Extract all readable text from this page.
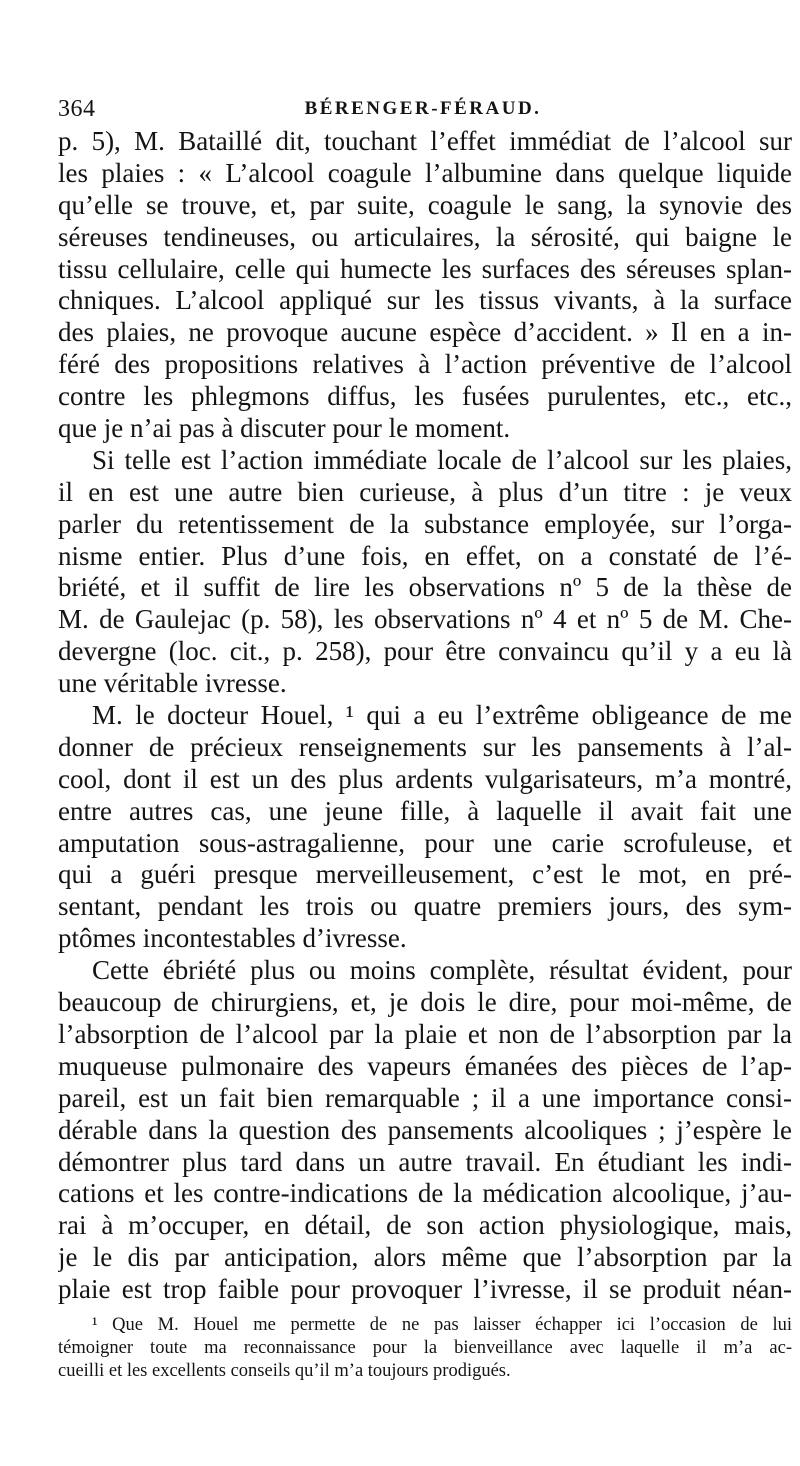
364	BÉRENGER-FÉRAUD.
p. 5), M. Bataillé dit, touchant l’effet immédiat de l’alcool sur
les plaies : « L’alcool coagule l’albumine dans quelque liquide
qu’elle se trouve, et, par suite, coagule le sang, la synovie des
séreuses tendineuses, ou articulaires, la sérosité, qui baigne le
tissu cellulaire, celle qui humecte les surfaces des séreuses splan-
chniques. L’alcool appliqué sur les tissus vivants, à la surface
des plaies, ne provoque aucune espèce d’accident. » Il en a in-
féré des propositions relatives à l’action préventive de l’alcool
contre les phlegmons diffus, les fusées purulentes, etc., etc.,
que je n’ai pas à discuter pour le moment.
Si telle est l’action immédiate locale de l’alcool sur les plaies,
il en est une autre bien curieuse, à plus d’un titre : je veux
parler du retentissement de la substance employée, sur l’orga-
nisme entier. Plus d’une fois, en effet, on a constaté de l’é-
briété, et il suffit de lire les observations nº 5 de la thèse de
M. de Gaulejac (p. 58), les observations nº 4 et nº 5 de M. Che-
devergne (loc. cit., p. 258), pour être convaincu qu’il y a eu là
une véritable ivresse.
M. le docteur Houel, ¹ qui a eu l’extrême obligeance de me
donner de précieux renseignements sur les pansements à l’al-
cool, dont il est un des plus ardents vulgarisateurs, m’a montré,
entre autres cas, une jeune fille, à laquelle il avait fait une
amputation sous-astragalienne, pour une carie scrofuleuse, et
qui a guéri presque merveilleusement, c’est le mot, en pré-
sentant, pendant les trois ou quatre premiers jours, des sym-
ptômes incontestables d’ivresse.
Cette ébriété plus ou moins complète, résultat évident, pour
beaucoup de chirurgiens, et, je dois le dire, pour moi-même, de
l’absorption de l’alcool par la plaie et non de l’absorption par la
muqueuse pulmonaire des vapeurs émanées des pièces de l’ap-
pareil, est un fait bien remarquable ; il a une importance consi-
dérable dans la question des pansements alcooliques ; j’espère le
démontrer plus tard dans un autre travail. En étudiant les indi-
cations et les contre-indications de la médication alcoolique, j’au-
rai à m’occuper, en détail, de son action physiologique, mais,
je le dis par anticipation, alors même que l’absorption par la
plaie est trop faible pour provoquer l’ivresse, il se produit néan-
¹ Que M. Houel me permette de ne pas laisser échapper ici l’occasion de lui
témoigner toute ma reconnaissance pour la bienveillance avec laquelle il m’a ac-
cueilli et les excellents conseils qu’il m’a toujours prodigués.
